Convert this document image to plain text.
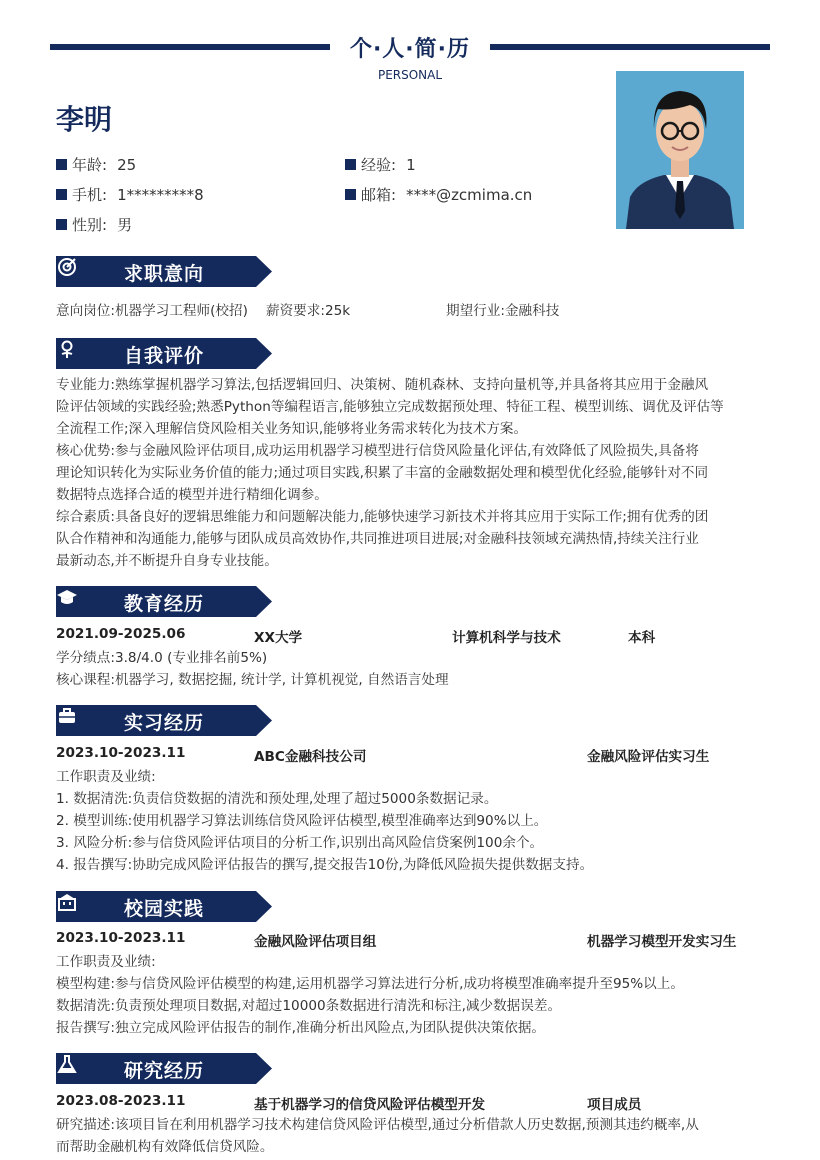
个·人·简·历
PERSONAL
李明
年龄: 25	经验: 1
手机: 1*********8	邮箱: ****@zcmima.cn
性别: 男
求职意向
意向岗位:机器学习工程师(校招) 薪资要求:25k	期望行业:金融科技
自我评价
专业能力:熟练掌握机器学习算法,包括逻辑回归、决策树、随机森林、支持向量机等,并具备将其应用于金融风
险评估领域的实践经验;熟悉Python等编程语言,能够独立完成数据预处理、特征工程、模型训练、调优及评估等
全流程工作;深入理解信贷风险相关业务知识,能够将业务需求转化为技术方案。
核心优势:参与金融风险评估项目,成功运用机器学习模型进行信贷风险量化评估,有效降低了风险损失,具备将
理论知识转化为实际业务价值的能力;通过项目实践,积累了丰富的金融数据处理和模型优化经验,能够针对不同
数据特点选择合适的模型并进行精细化调参。
综合素质:具备良好的逻辑思维能力和问题解决能力,能够快速学习新技术并将其应用于实际工作;拥有优秀的团
队合作精神和沟通能力,能够与团队成员高效协作,共同推进项目进展;对金融科技领域充满热情,持续关注行业
最新动态,并不断提升自身专业技能。
教育经历
2021.09-2025.06	XX大学	计算机科学与技术	本科
学分绩点:3.8/4.0 (专业排名前5%)
核心课程:机器学习, 数据挖掘, 统计学, 计算机视觉, 自然语言处理
实习经历
2023.10-2023.11	ABC金融科技公司	金融风险评估实习生
工作职责及业绩:
1. 数据清洗:负责信贷数据的清洗和预处理,处理了超过5000条数据记录。
2. 模型训练:使用机器学习算法训练信贷风险评估模型,模型准确率达到90%以上。
3. 风险分析:参与信贷风险评估项目的分析工作,识别出高风险信贷案例100余个。
4. 报告撰写:协助完成风险评估报告的撰写,提交报告10份,为降低风险损失提供数据支持。
校园实践
2023.10-2023.11	金融风险评估项目组	机器学习模型开发实习生
工作职责及业绩:
模型构建:参与信贷风险评估模型的构建,运用机器学习算法进行分析,成功将模型准确率提升至95%以上。
数据清洗:负责预处理项目数据,对超过10000条数据进行清洗和标注,减少数据误差。
报告撰写:独立完成风险评估报告的制作,准确分析出风险点,为团队提供决策依据。
研究经历
2023.08-2023.11	基于机器学习的信贷风险评估模型开发	项目成员
研究描述:该项目旨在利用机器学习技术构建信贷风险评估模型,通过分析借款人历史数据,预测其违约概率,从
而帮助金融机构有效降低信贷风险。
